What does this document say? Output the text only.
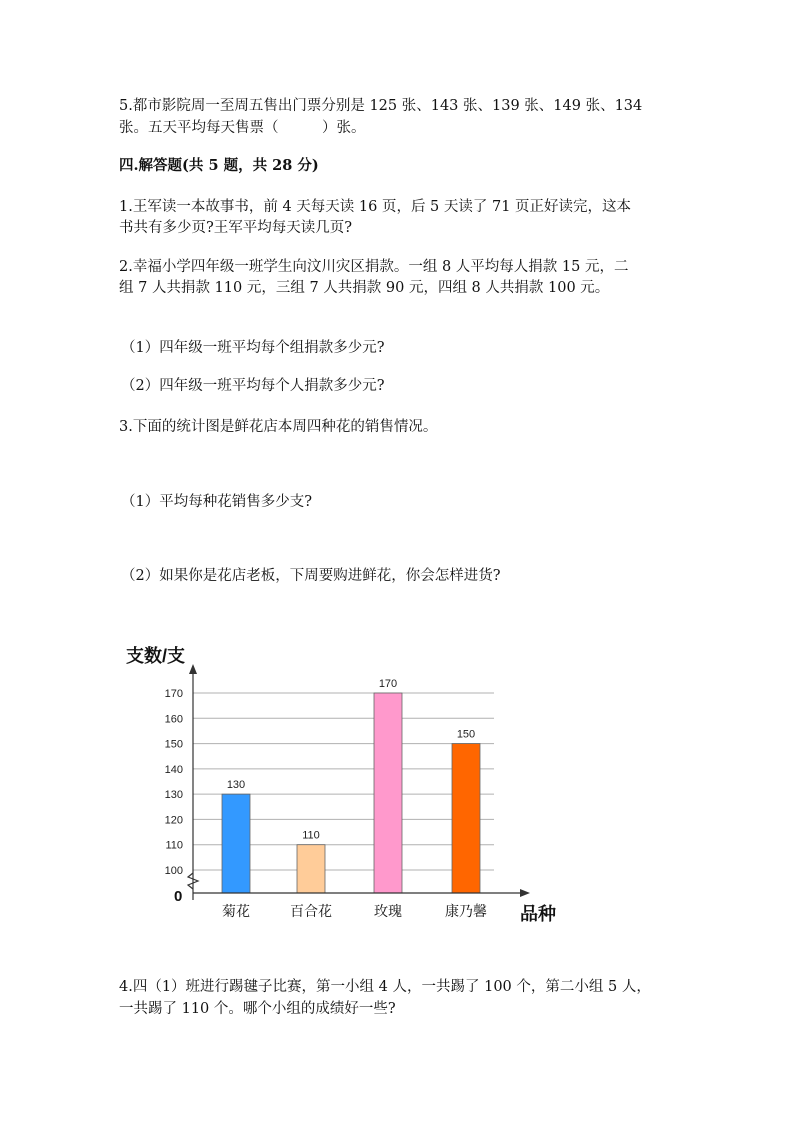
5.都市影院周一至周五售出门票分别是 125 张、143 张、139 张、149 张、134

张。五天平均每天售票（　　　）张。

四.解答题(共 5 题，共 28 分)

1.王军读一本故事书，前 4 天每天读 16 页，后 5 天读了 71 页正好读完，这本

书共有多少页?王军平均每天读几页?

2.幸福小学四年级一班学生向汶川灾区捐款。一组 8 人平均每人捐款 15 元，二

组 7 人共捐款 110 元，三组 7 人共捐款 90 元，四组 8 人共捐款 100 元。

（1）四年级一班平均每个组捐款多少元?

（2）四年级一班平均每个人捐款多少元?

3.下面的统计图是鲜花店本周四种花的销售情况。

（1）平均每种花销售多少支?

（2）如果你是花店老板，下周要购进鲜花，你会怎样进货?

100
110
120
130
140
150
160
170
130
110
170
150
菊花	百合花	玫瑰	康乃馨
支数/支
品种
0

4.四（1）班进行踢毽子比赛，第一小组 4 人，一共踢了 100 个，第二小组 5 人，

一共踢了 110 个。哪个小组的成绩好一些?
